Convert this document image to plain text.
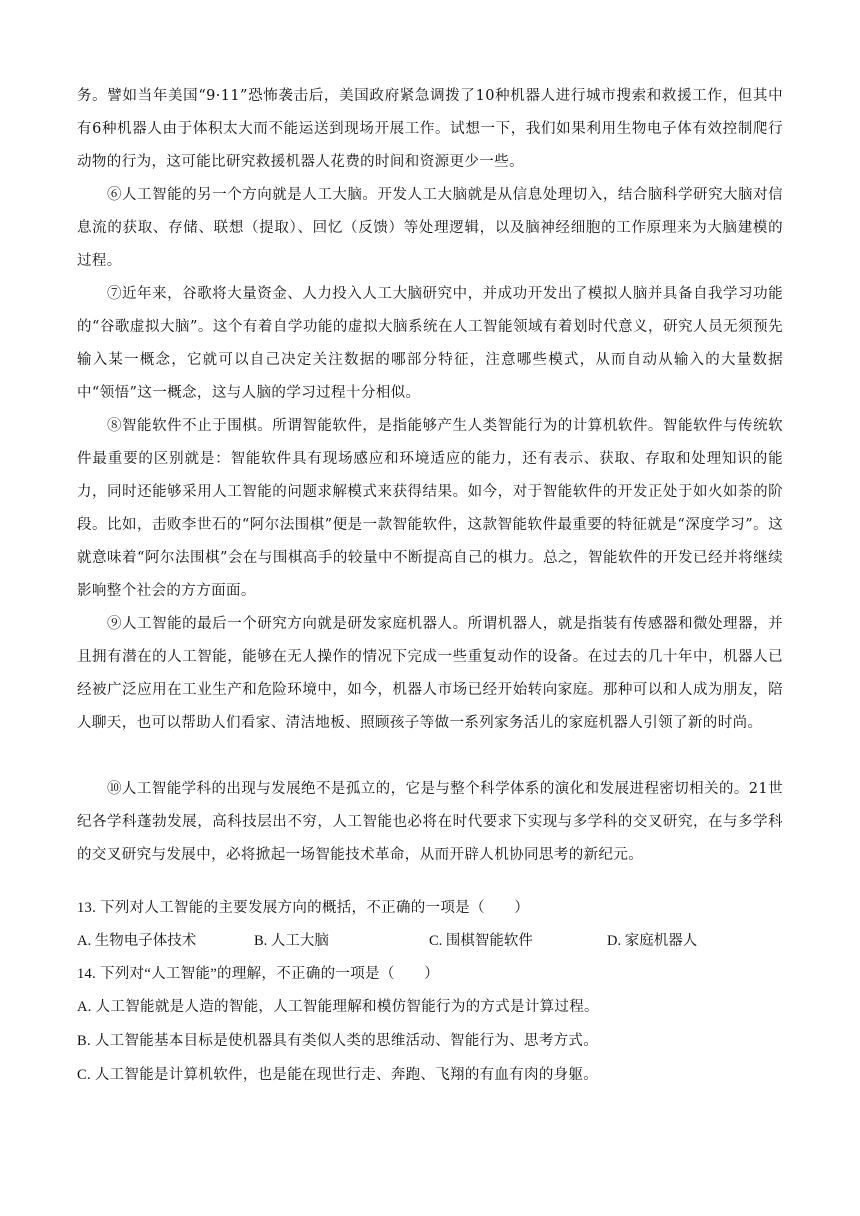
务。譬如当年美国“9·11”恐怖袭击后，美国政府紧急调拨了10种机器人进行城市搜索和救援工作，但其中有6种机器人由于体积太大而不能运送到现场开展工作。试想一下，我们如果利用生物电子体有效控制爬行动物的行为，这可能比研究救援机器人花费的时间和资源更少一些。

⑥人工智能的另一个方向就是人工大脑。开发人工大脑就是从信息处理切入，结合脑科学研究大脑对信息流的获取、存储、联想（提取）、回忆（反馈）等处理逻辑，以及脑神经细胞的工作原理来为大脑建模的过程。

⑦近年来，谷歌将大量资金、人力投入人工大脑研究中，并成功开发出了模拟人脑并具备自我学习功能的“谷歌虚拟大脑”。这个有着自学功能的虚拟大脑系统在人工智能领域有着划时代意义，研究人员无须预先输入某一概念，它就可以自己决定关注数据的哪部分特征，注意哪些模式，从而自动从输入的大量数据中“领悟”这一概念，这与人脑的学习过程十分相似。

⑧智能软件不止于围棋。所谓智能软件，是指能够产生人类智能行为的计算机软件。智能软件与传统软件最重要的区别就是：智能软件具有现场感应和环境适应的能力，还有表示、获取、存取和处理知识的能力，同时还能够采用人工智能的问题求解模式来获得结果。如今，对于智能软件的开发正处于如火如荼的阶段。比如，击败李世石的“阿尔法围棋”便是一款智能软件，这款智能软件最重要的特征就是“深度学习”。这就意味着“阿尔法围棋”会在与围棋高手的较量中不断提高自己的棋力。总之，智能软件的开发已经并将继续影响整个社会的方方面面。

⑨人工智能的最后一个研究方向就是研发家庭机器人。所谓机器人，就是指装有传感器和微处理器，并且拥有潜在的人工智能，能够在无人操作的情况下完成一些重复动作的设备。在过去的几十年中，机器人已经被广泛应用在工业生产和危险环境中，如今，机器人市场已经开始转向家庭。那种可以和人成为朋友，陪人聊天，也可以帮助人们看家、清洁地板、照顾孩子等做一系列家务活儿的家庭机器人引领了新的时尚。

⑩人工智能学科的出现与发展绝不是孤立的，它是与整个科学体系的演化和发展进程密切相关的。21世纪各学科蓬勃发展，高科技层出不穷，人工智能也必将在时代要求下实现与多学科的交叉研究，在与多学科的交叉研究与发展中，必将掀起一场智能技术革命，从而开辟人机协同思考的新纪元。

13. 下列对人工智能的主要发展方向的概括，不正确的一项是（　　）

A. 生物电子体技术	B. 人工大脑	C. 围棋智能软件	D. 家庭机器人

14. 下列对“人工智能”的理解，不正确的一项是（　　）

A. 人工智能就是人造的智能，人工智能理解和模仿智能行为的方式是计算过程。

B. 人工智能基本目标是使机器具有类似人类的思维活动、智能行为、思考方式。

C. 人工智能是计算机软件，也是能在现世行走、奔跑、飞翔的有血有肉的身躯。
